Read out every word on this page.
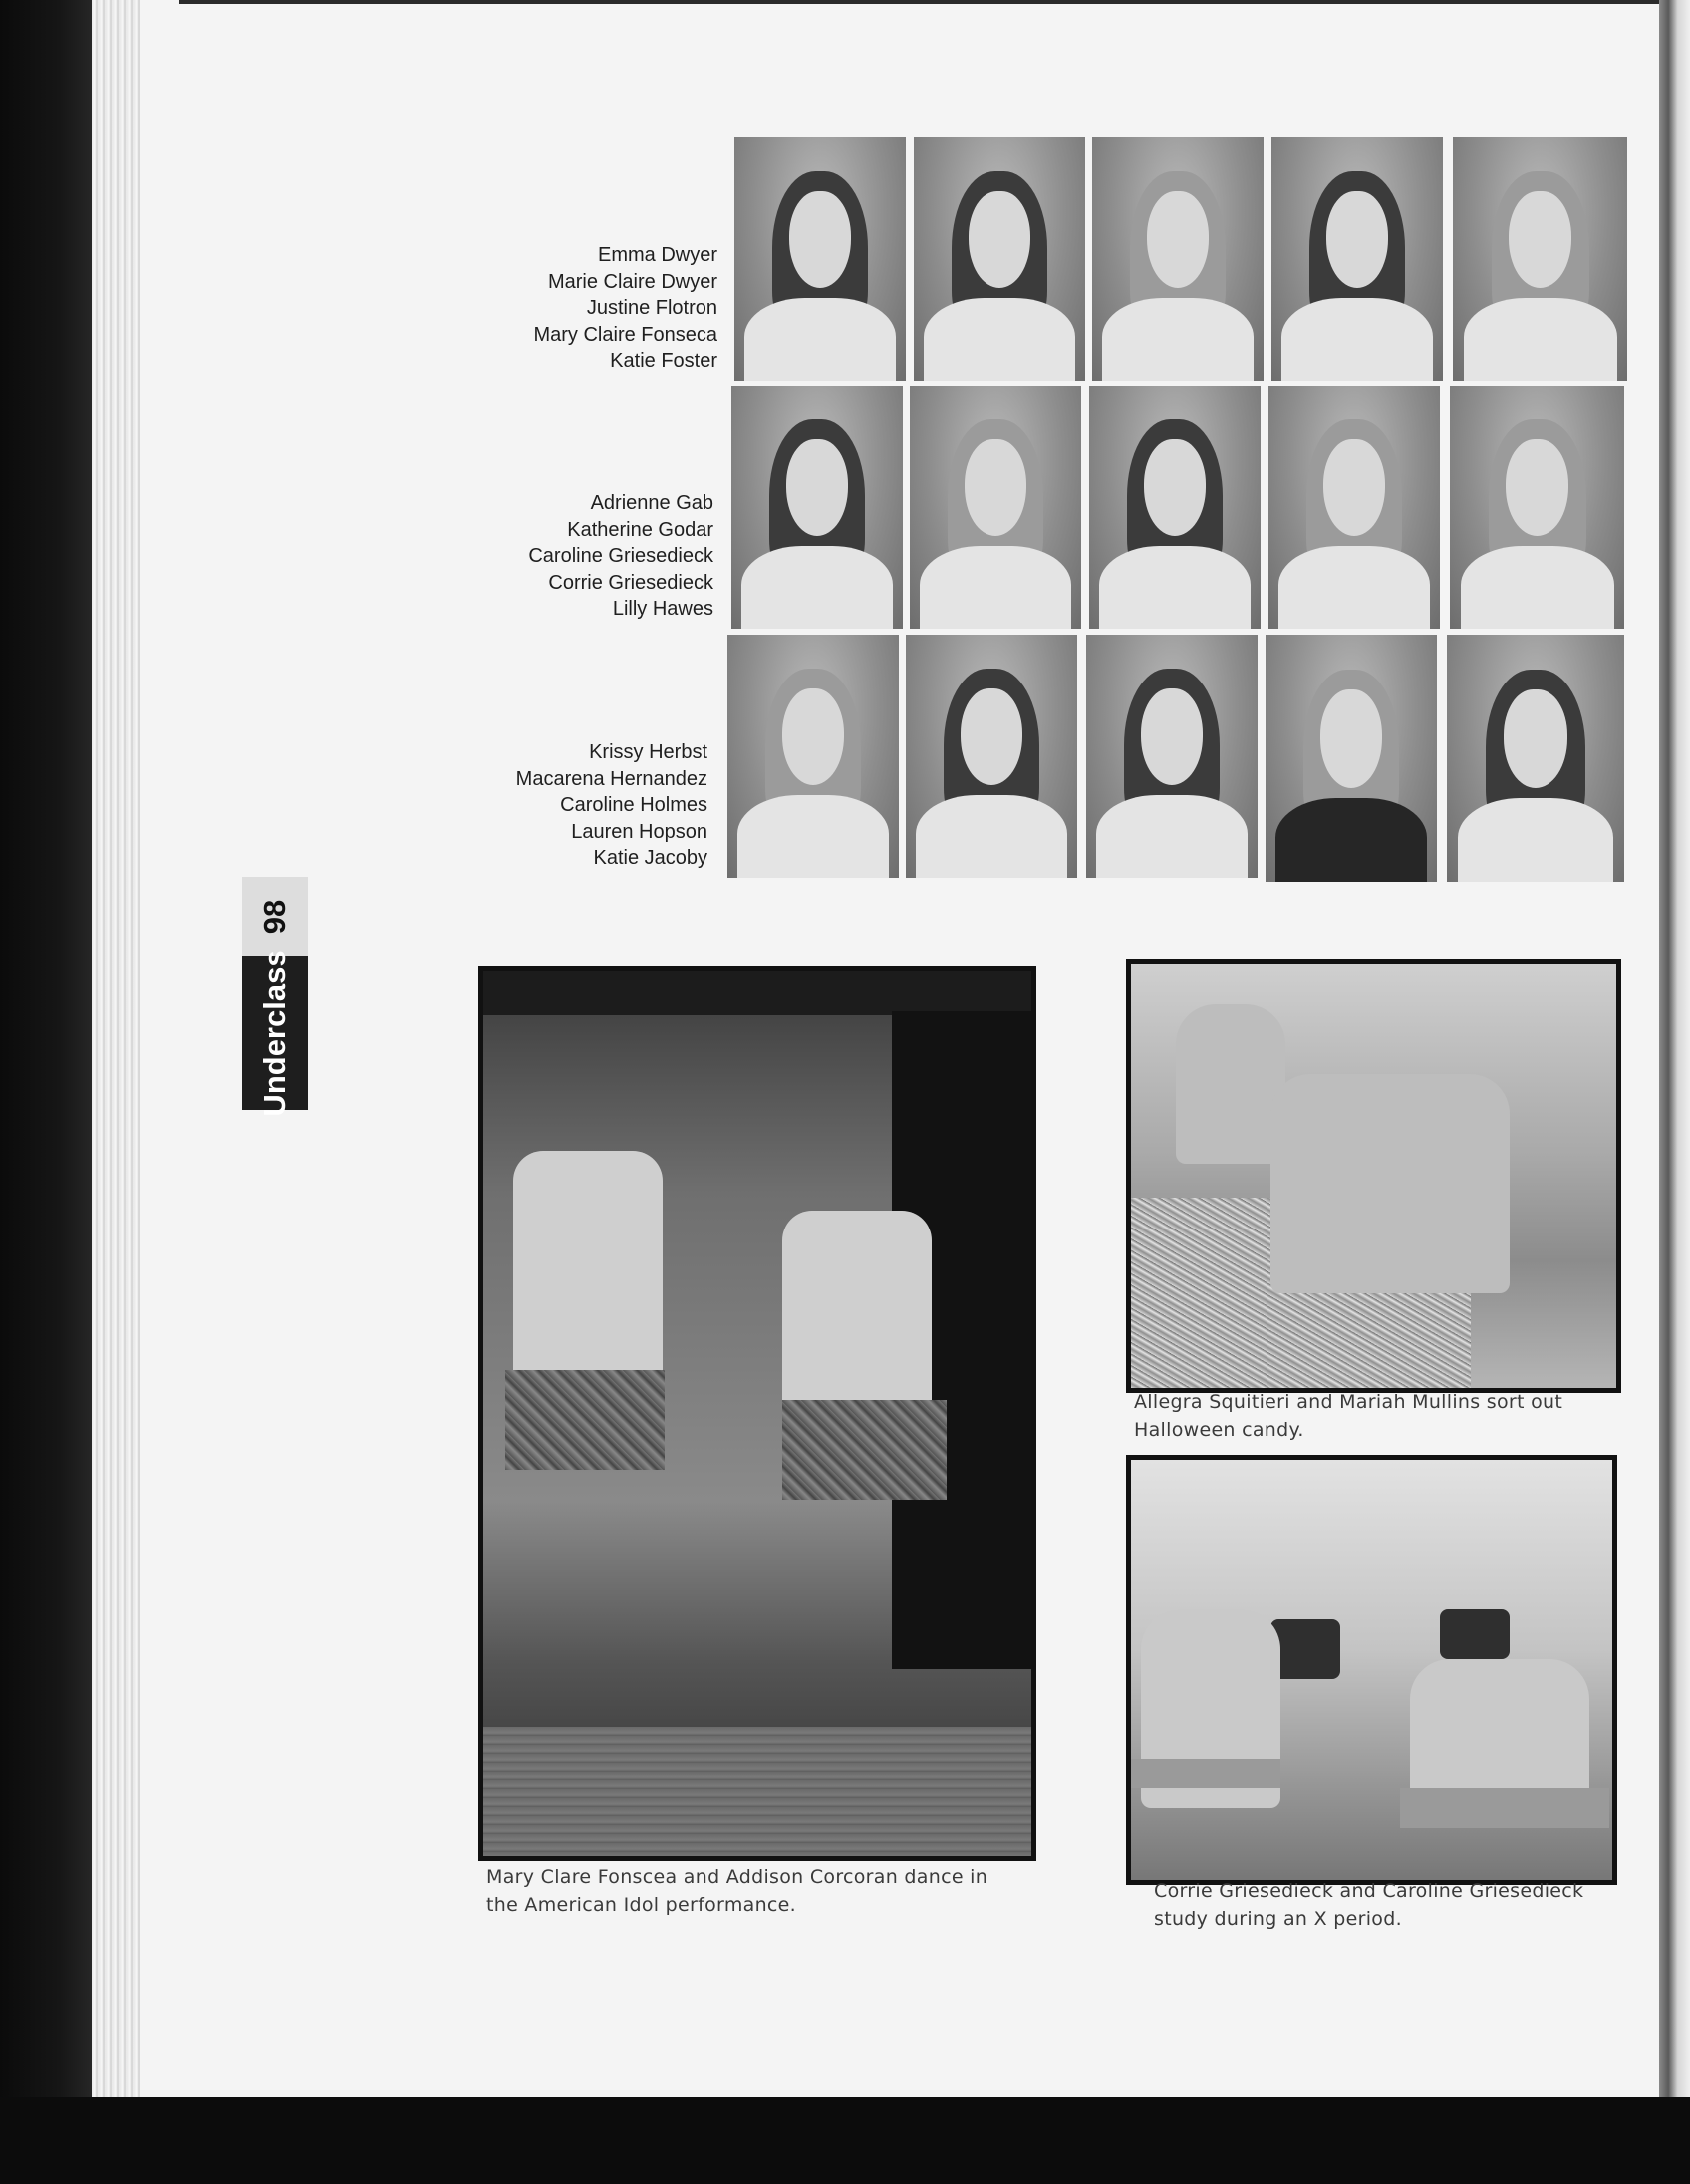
98
Underclass
Emma Dwyer
Marie Claire Dwyer
Justine Flotron
Mary Claire Fonseca
Katie Foster
Adrienne Gab
Katherine Godar
Caroline Griesedieck
Corrie Griesedieck
Lilly Hawes
Krissy Herbst
Macarena Hernandez
Caroline Holmes
Lauren Hopson
Katie Jacoby
Mary Clare Fonscea and Addison Corcoran dance in
the American Idol performance.
Allegra Squitieri and Mariah Mullins sort out
Halloween candy.
Corrie Griesedieck and Caroline Griesedieck
study during an X period.
